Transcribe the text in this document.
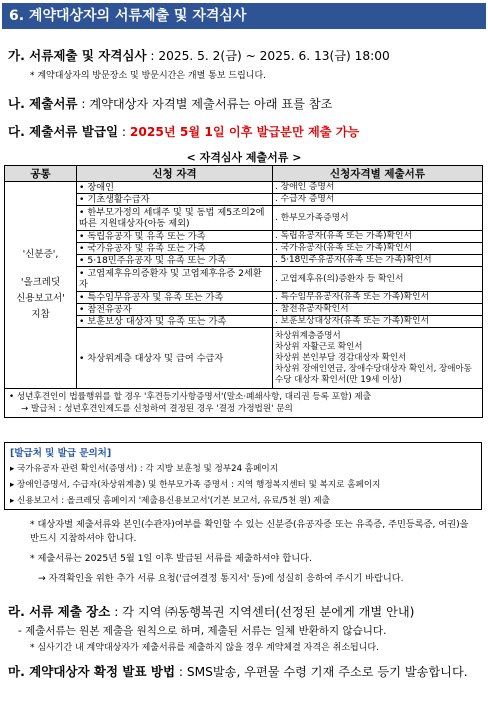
6. 계약대상자의 서류제출 및 자격심사
가. 서류제출 및 자격심사 : 2025. 5. 2(금) ~ 2025. 6. 13(금) 18:00
* 계약대상자의 방문장소 및 방문시간은 개별 통보 드립니다.
나. 제출서류 : 계약대상자 자격별 제출서류는 아래 표를 참조
다. 제출서류 발급일 : 2025년 5월 1일 이후 발급분만 제출 가능
< 자격심사 제출서류 >
공통	신청 자격	신청자격별 제출서류

'신분증',
'올크레딧
신용보고서'
지참	• 장애인	. 장애인 증명서
	• 기초생활수급자	. 수급자 증명서
	• 한부모가정의 세대주 및 및 동법 제5조의2에 따른 지원대상자(아동 제외)	. 한부모가족증명서
	• 독립유공자 및 유족 또는 가족	. 독립유공자(유족 또는 가족)확인서
	• 국가유공자 및 유족 또는 가족	. 국가유공자(유족 또는 가족)확인서
	• 5·18민주유공자 및 유족 또는 가족	. 5·18민주유공자(유족 또는 가족)확인서
	• 고엽제후유의증환자 및 고엽제후유증 2세환자	. 고엽제후유(의)증환자 등 확인서
	• 특수임무유공자 및 유족 또는 가족	. 특수임무유공자(유족 또는 가족)확인서
	• 참전유공자	. 참전유공자확인서
	• 보훈보상 대상자 및 유족 또는 가족	. 보훈보상대상자(유족 또는 가족)확인서
	• 차상위계층 대상자 및 급여 수급자	차상위계층증명서
차상위 자활근로 확인서
차상위 본인부담 경감대상자 확인서
차상위 장애인연금, 장애수당대상자 확인서, 장애아동수당 대상자 확인서(만 19세 이상)

• 성년후견인이 법률행위를 할 경우 '후견등기사항증명서'(말소·폐쇄사항, 대리권 등록 포함) 제출
→ 발급처 : 성년후견인제도를 신청하여 결정된 경우 '결정 가정법원' 문의		
[발급처 및 발급 문의처]
▸ 국가유공자 관련 확인서(증명서) : 각 지방 보훈청 및 정부24 홈페이지
▸ 장애인증명서, 수급자(차상위계층) 및 한부모가족 증명서 : 지역 행정복지센터 및 복지로 홈페이지
▸ 신용보고서 : 올크레딧 홈페이지 '제출용신용보고서'(기본 보고서, 유료/5천 원) 제출
* 대상자별 제출서류와 본인(수관자)여부를 확인할 수 있는 신분증(유공자증 또는 유족증, 주민등록증, 여권)을 반드시 지참하셔야 합니다.
* 제출서류는 2025년 5월 1일 이후 발급된 서류를 제출하셔야 합니다.
→ 자격확인을 위한 추가 서류 요청('급여결정 통지서' 등)에 성실히 응하여 주시기 바랍니다.
라. 서류 제출 장소 : 각 지역 ㈜동행복권 지역센터(선정된 분에게 개별 안내)
- 제출서류는 원본 제출을 원칙으로 하며, 제출된 서류는 일체 반환하지 않습니다.
* 심사기간 내 계약대상자가 제출서류를 제출하지 않을 경우 계약체결 자격은 취소됩니다.
마. 계약대상자 확정 발표 방법 : SMS발송, 우편물 수령 기재 주소로 등기 발송합니다.
